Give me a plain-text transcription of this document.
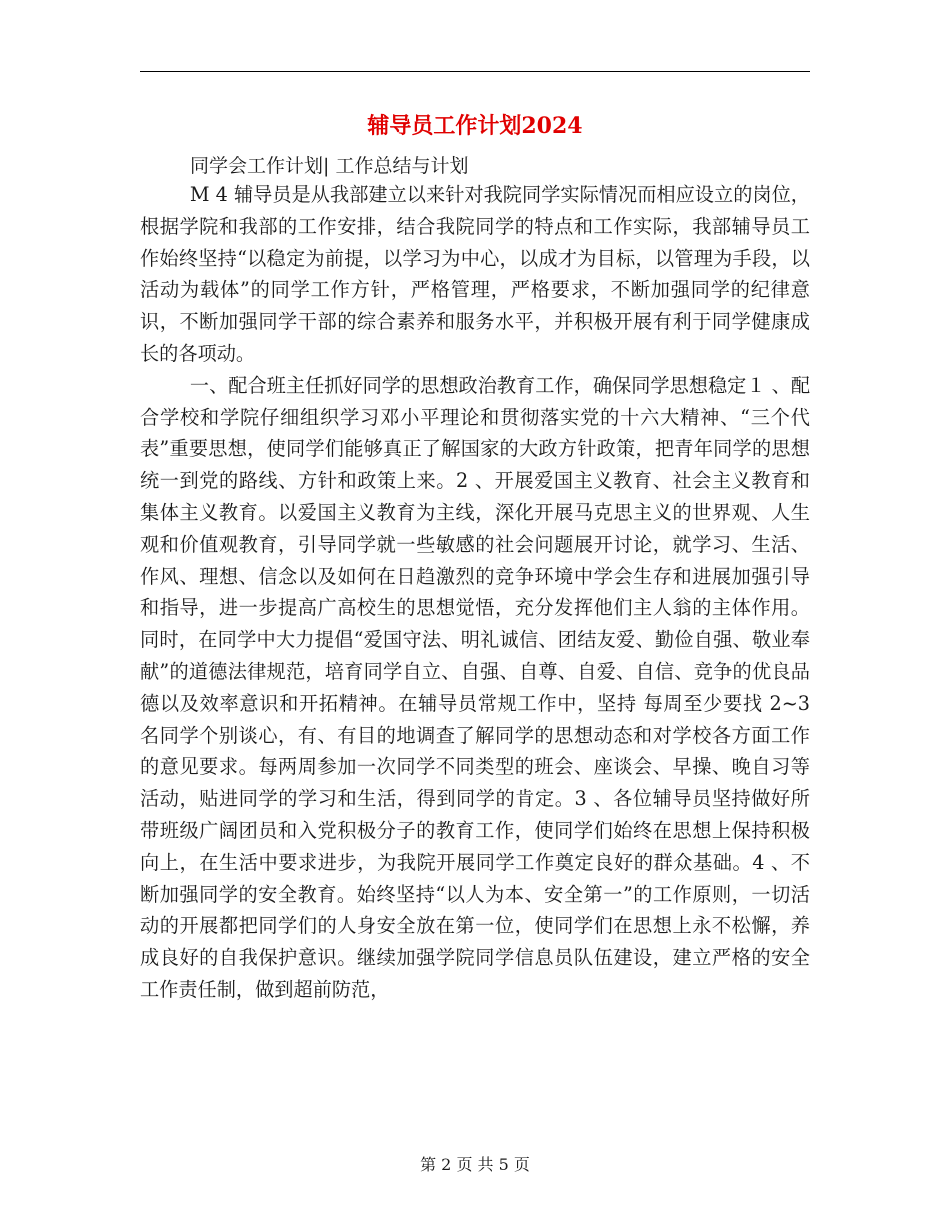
辅导员工作计划2024
同学会工作计划| 工作总结与计划

M 4 辅导员是从我部建立以来针对我院同学实际情况而相应设立的岗位，根据学院和我部的工作安排，结合我院同学的特点和工作实际，我部辅导员工作始终坚持“以稳定为前提，以学习为中心，以成才为目标，以管理为手段，以活动为载体”的同学工作方针，严格管理，严格要求，不断加强同学的纪律意识，不断加强同学干部的综合素养和服务水平，并积极开展有利于同学健康成长的各项动。

一、配合班主任抓好同学的思想政治教育工作，确保同学思想稳定１ 、配合学校和学院仔细组织学习邓小平理论和贯彻落实党的十六大精神、“三个代表”重要思想，使同学们能够真正了解国家的大政方针政策，把青年同学的思想统一到党的路线、方针和政策上来。2 、开展爱国主义教育、社会主义教育和集体主义教育。以爱国主义教育为主线，深化开展马克思主义的世界观、人生观和价值观教育，引导同学就一些敏感的社会问题展开讨论，就学习、生活、作风、理想、信念以及如何在日趋激烈的竞争环境中学会生存和进展加强引导和指导，进一步提高广高校生的思想觉悟，充分发挥他们主人翁的主体作用。同时，在同学中大力提倡“爱国守法、明礼诚信、团结友爱、勤俭自强、敬业奉献”的道德法律规范，培育同学自立、自强、自尊、自爱、自信、竞争的优良品德以及效率意识和开拓精神。在辅导员常规工作中，坚持 每周至少要找 2~3 名同学个别谈心，有、有目的地调查了解同学的思想动态和对学校各方面工作的意见要求。每两周参加一次同学不同类型的班会、座谈会、早操、晚自习等活动，贴进同学的学习和生活，得到同学的肯定。3 、各位辅导员坚持做好所带班级广阔团员和入党积极分子的教育工作，使同学们始终在思想上保持积极向上，在生活中要求进步，为我院开展同学工作奠定良好的群众基础。4 、不断加强同学的安全教育。始终坚持“以人为本、安全第一”的工作原则，一切活动的开展都把同学们的人身安全放在第一位，使同学们在思想上永不松懈，养成良好的自我保护意识。继续加强学院同学信息员队伍建设，建立严格的安全工作责任制，做到超前防范，

第 2 页 共 5 页
